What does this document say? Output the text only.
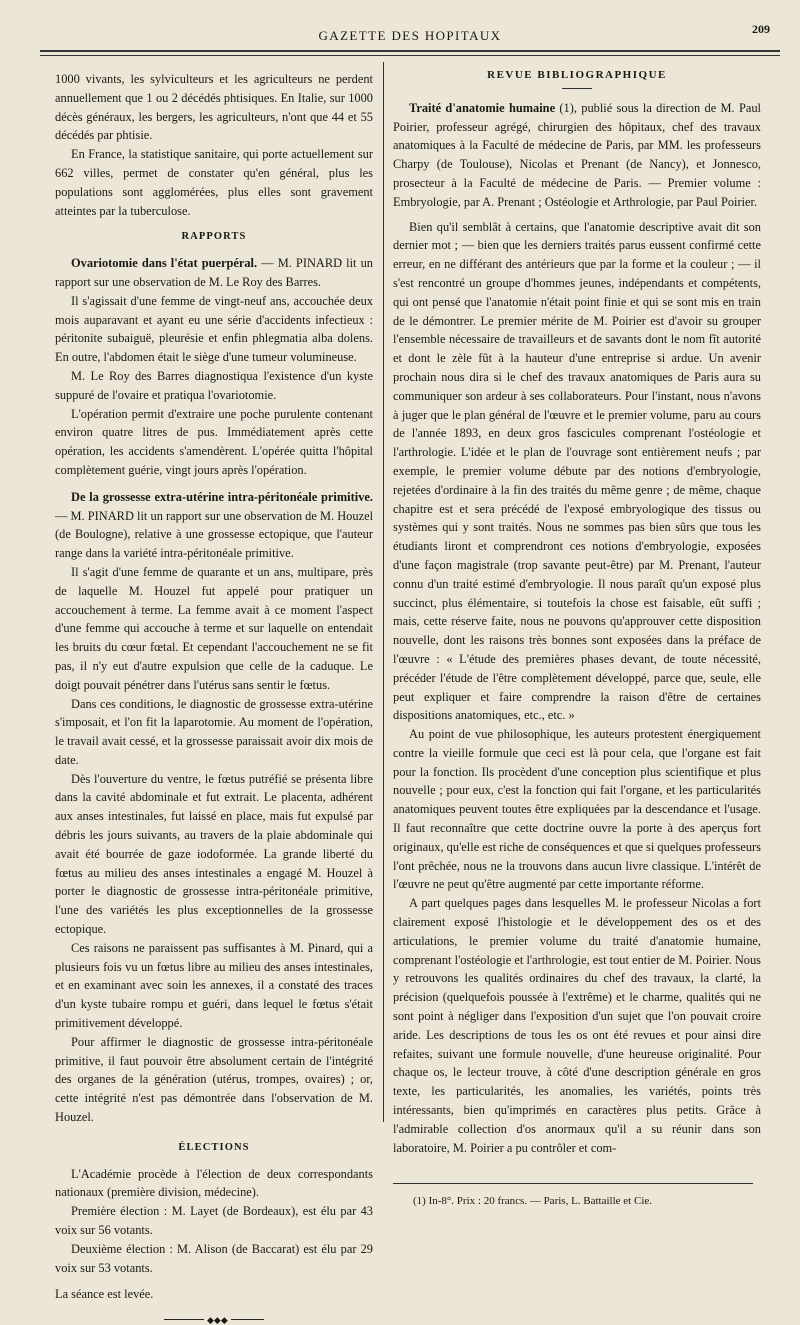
GAZETTE DES HOPITAUX	209

1000 vivants, les sylviculteurs et les agriculteurs ne perdent annuellement que 1 ou 2 décédés phtisiques. En Italie, sur 1000 décès généraux, les bergers, les agriculteurs, n'ont que 44 et 55 décédés par phtisie.

En France, la statistique sanitaire, qui porte actuellement sur 662 villes, permet de constater qu'en général, plus les populations sont agglomérées, plus elles sont gravement atteintes par la tuberculose.

RAPPORTS

Ovariotomie dans l'état puerpéral. — M. PINARD lit un rapport sur une observation de M. Le Roy des Barres.

Il s'agissait d'une femme de vingt-neuf ans, accouchée deux mois auparavant et ayant eu une série d'accidents infectieux : péritonite subaiguë, pleurésie et enfin phlegmatia alba dolens. En outre, l'abdomen était le siège d'une tumeur volumineuse.

M. Le Roy des Barres diagnostiqua l'existence d'un kyste suppuré de l'ovaire et pratiqua l'ovariotomie.

L'opération permit d'extraire une poche purulente contenant environ quatre litres de pus. Immédiatement après cette opération, les accidents s'amendèrent. L'opérée quitta l'hôpital complètement guérie, vingt jours après l'opération.

De la grossesse extra-utérine intra-péritonéale primitive. — M. PINARD lit un rapport sur une observation de M. Houzel (de Boulogne), relative à une grossesse ectopique, que l'auteur range dans la variété intra-péritonéale primitive.

Il s'agit d'une femme de quarante et un ans, multipare, près de laquelle M. Houzel fut appelé pour pratiquer un accouchement à terme. La femme avait à ce moment l'aspect d'une femme qui accouche à terme et sur laquelle on entendait les bruits du cœur fœtal. Et cependant l'accouchement ne se fit pas, il n'y eut d'autre expulsion que celle de la caduque. Le doigt pouvait pénétrer dans l'utérus sans sentir le fœtus.

Dans ces conditions, le diagnostic de grossesse extra-utérine s'imposait, et l'on fit la laparotomie. Au moment de l'opération, le travail avait cessé, et la grossesse paraissait avoir dix mois de date.

Dès l'ouverture du ventre, le fœtus putréfié se présenta libre dans la cavité abdominale et fut extrait. Le placenta, adhérent aux anses intestinales, fut laissé en place, mais fut expulsé par débris les jours suivants, au travers de la plaie abdominale qui avait été bourrée de gaze iodoformée. La grande liberté du fœtus au milieu des anses intestinales a engagé M. Houzel à porter le diagnostic de grossesse intra-péritonéale primitive, l'une des variétés les plus exceptionnelles de la grossesse ectopique.

Ces raisons ne paraissent pas suffisantes à M. Pinard, qui a plusieurs fois vu un fœtus libre au milieu des anses intestinales, et en examinant avec soin les annexes, il a constaté des traces d'un kyste tubaire rompu et guéri, dans lequel le fœtus s'était primitivement développé.

Pour affirmer le diagnostic de grossesse intra-péritonéale primitive, il faut pouvoir être absolument certain de l'intégrité des organes de la génération (utérus, trompes, ovaires) ; or, cette intégrité n'est pas démontrée dans l'observation de M. Houzel.

ÉLECTIONS

L'Académie procède à l'élection de deux correspondants nationaux (première division, médecine).

Première élection : M. Layet (de Bordeaux), est élu par 43 voix sur 56 votants.

Deuxième élection : M. Alison (de Baccarat) est élu par 29 voix sur 53 votants.

La séance est levée.

◆◆◆
REVUE BIBLIOGRAPHIQUE

Traité d'anatomie humaine (1), publié sous la direction de M. Paul Poirier, professeur agrégé, chirurgien des hôpitaux, chef des travaux anatomiques à la Faculté de médecine de Paris, par MM. les professeurs Charpy (de Toulouse), Nicolas et Prenant (de Nancy), et Jonnesco, prosecteur à la Faculté de médecine de Paris. — Premier volume : Embryologie, par A. Prenant ; Ostéologie et Arthrologie, par Paul Poirier.

Bien qu'il semblât à certains, que l'anatomie descriptive avait dit son dernier mot ; — bien que les derniers traités parus eussent confirmé cette erreur, en ne différant des antérieurs que par la forme et la couleur ; — il s'est rencontré un groupe d'hommes jeunes, indépendants et compétents, qui ont pensé que l'anatomie n'était point finie et qui se sont mis en train de le démontrer. Le premier mérite de M. Poirier est d'avoir su grouper l'ensemble nécessaire de travailleurs et de savants dont le nom fît autorité et dont le zèle fût à la hauteur d'une entreprise si ardue. Un avenir prochain nous dira si le chef des travaux anatomiques de Paris aura su communiquer son ardeur à ses collaborateurs. Pour l'instant, nous n'avons à juger que le plan général de l'œuvre et le premier volume, paru au cours de l'année 1893, en deux gros fascicules comprenant l'ostéologie et l'arthrologie. L'idée et le plan de l'ouvrage sont entièrement neufs ; par exemple, le premier volume débute par des notions d'embryologie, rejetées d'ordinaire à la fin des traités du même genre ; de même, chaque chapitre est et sera précédé de l'exposé embryologique des tissus ou systèmes qui y sont traités. Nous ne sommes pas bien sûrs que tous les étudiants liront et comprendront ces notions d'embryologie, exposées d'une façon magistrale (trop savante peut-être) par M. Prenant, l'auteur connu d'un traité estimé d'embryologie. Il nous paraît qu'un exposé plus succinct, plus élémentaire, si toutefois la chose est faisable, eût suffi ; mais, cette réserve faite, nous ne pouvons qu'approuver cette disposition nouvelle, dont les raisons très bonnes sont exposées dans la préface de l'œuvre : « L'étude des premières phases devant, de toute nécessité, précéder l'étude de l'être complètement développé, parce que, seule, elle peut expliquer et faire comprendre la raison d'être de certaines dispositions anatomiques, etc., etc. »

Au point de vue philosophique, les auteurs protestent énergiquement contre la vieille formule que ceci est là pour cela, que l'organe est fait pour la fonction. Ils procèdent d'une conception plus scientifique et plus nouvelle ; pour eux, c'est la fonction qui fait l'organe, et les particularités anatomiques peuvent toutes être expliquées par la descendance et l'usage. Il faut reconnaître que cette doctrine ouvre la porte à des aperçus fort originaux, qu'elle est riche de conséquences et que si quelques professeurs l'ont prêchée, nous ne la trouvons dans aucun livre classique. L'intérêt de l'œuvre ne peut qu'être augmenté par cette importante réforme.

A part quelques pages dans lesquelles M. le professeur Nicolas a fort clairement exposé l'histologie et le développement des os et des articulations, le premier volume du traité d'anatomie humaine, comprenant l'ostéologie et l'arthrologie, est tout entier de M. Poirier. Nous y retrouvons les qualités ordinaires du chef des travaux, la clarté, la précision (quelquefois poussée à l'extrême) et le charme, qualités qui ne sont point à négliger dans l'exposition d'un sujet que l'on pouvait croire aride. Les descriptions de tous les os ont été revues et pour ainsi dire refaites, suivant une formule nouvelle, d'une heureuse originalité. Pour chaque os, le lecteur trouve, à côté d'une description générale en gros texte, les particularités, les anomalies, les variétés, points très intéressants, bien qu'imprimés en caractères plus petits. Grâce à l'admirable collection d'os anormaux qu'il a su réunir dans son laboratoire, M. Poirier a pu contrôler et com-

(1) In-8°. Prix : 20 francs. — Paris, L. Battaille et Cie.
